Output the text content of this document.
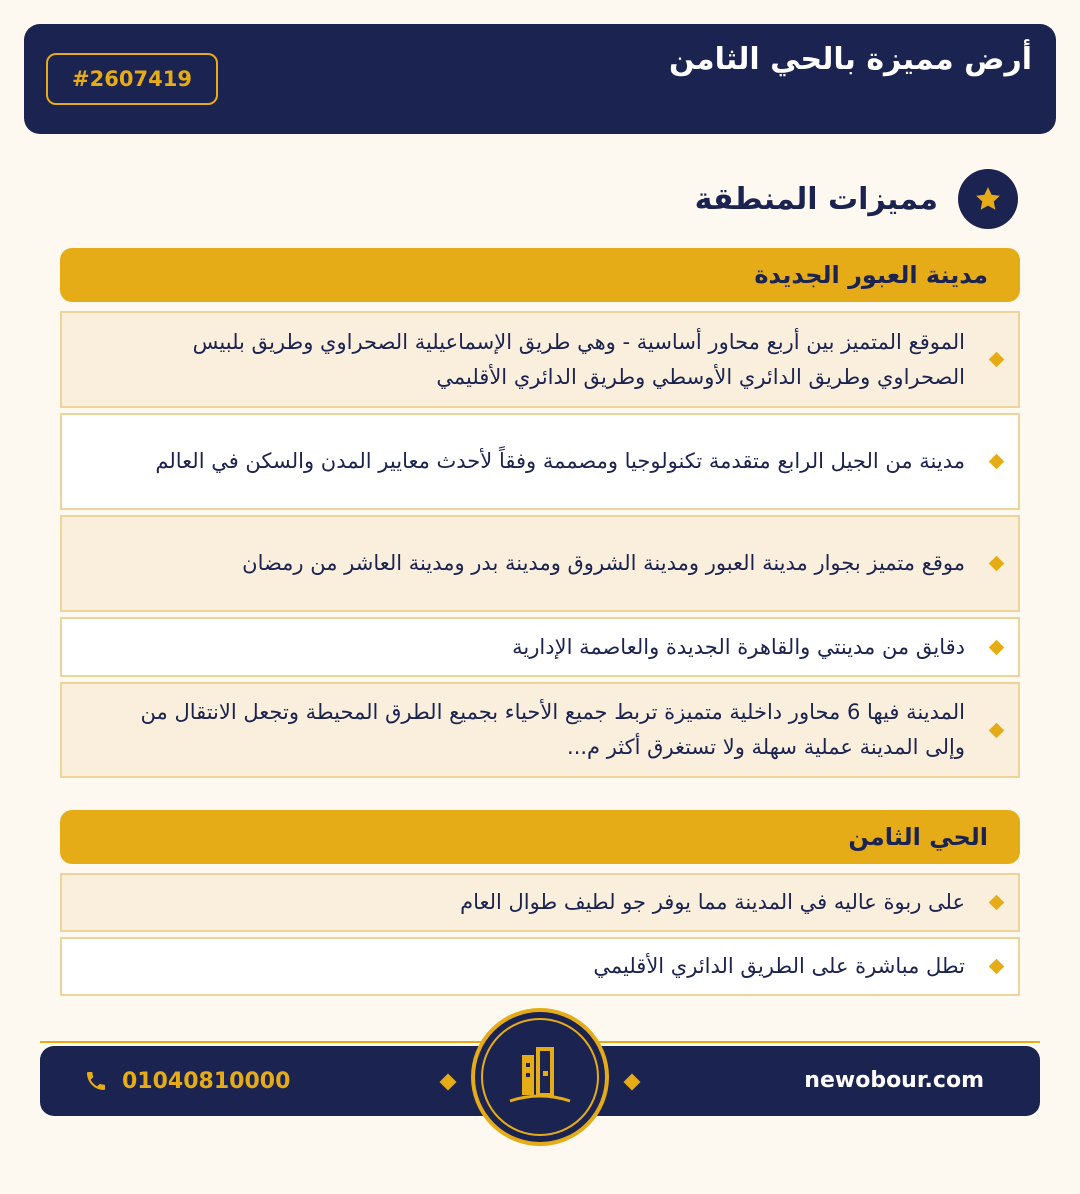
أرض مميزة بالحي الثامن
#2607419
مميزات المنطقة
مدينة العبور الجديدة
الموقع المتميز بين أربع محاور أساسية - وهي طريق الإسماعيلية الصحراوي وطريق بلبيس الصحراوي وطريق الدائري الأوسطي وطريق الدائري الأقليمي
مدينة من الجيل الرابع متقدمة تكنولوجيا ومصممة وفقاً لأحدث معايير المدن والسكن في العالم
موقع متميز بجوار مدينة العبور ومدينة الشروق ومدينة بدر ومدينة العاشر من رمضان
دقايق من مدينتي والقاهرة الجديدة والعاصمة الإدارية
المدينة فيها 6 محاور داخلية متميزة تربط جميع الأحياء بجميع الطرق المحيطة وتجعل الانتقال من وإلى المدينة عملية سهلة ولا تستغرق أكثر م...
الحي الثامن
على ربوة عاليه في المدينة مما يوفر جو لطيف طوال العام
تطل مباشرة على الطريق الدائري الأقليمي
01040810000	newobour.com
